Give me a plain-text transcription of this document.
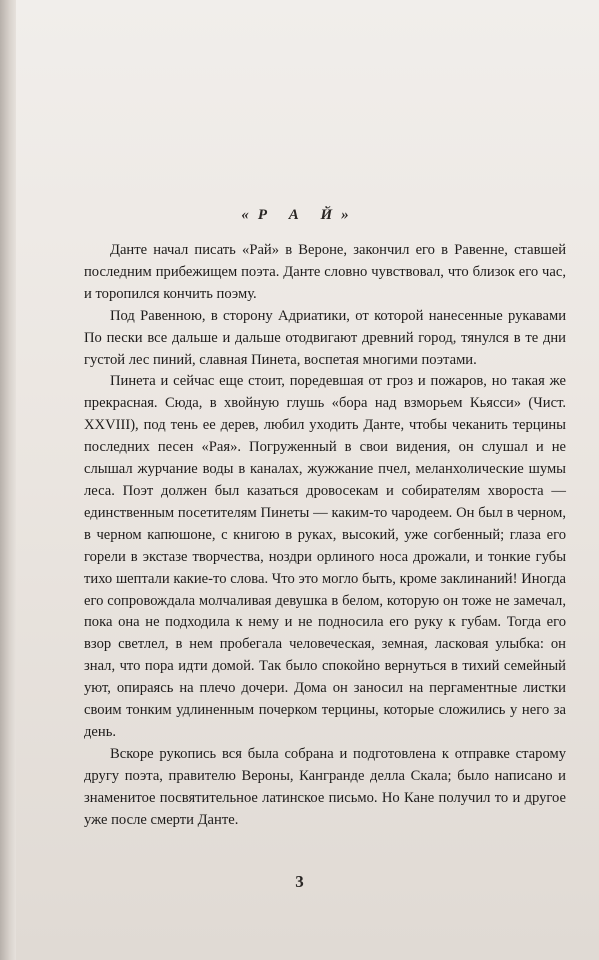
«Р А Й»

Данте начал писать «Рай» в Вероне, закончил его в Равенне, ставшей последним прибежищем поэта. Данте словно чувствовал, что близок его час, и торопился кончить поэму.

Под Равенною, в сторону Адриатики, от которой нанесенные рукавами По пески все дальше и дальше отодвигают древний город, тянулся в те дни густой лес пиний, славная Пинета, воспетая многими поэтами.

Пинета и сейчас еще стоит, поредевшая от гроз и пожаров, но такая же прекрасная. Сюда, в хвойную глушь «бора над взморьем Кьясси» (Чист. XXVIII), под тень ее дерев, любил уходить Данте, чтобы чеканить терцины последних песен «Рая». Погруженный в свои видения, он слушал и не слышал журчание воды в каналах, жужжание пчел, меланхолические шумы леса. Поэт должен был казаться дровосекам и собирателям хвороста — единственным посетителям Пинеты — каким-то чародеем. Он был в черном, в черном капюшоне, с книгою в руках, высокий, уже согбенный; глаза его горели в экстазе творчества, ноздри орлиного носа дрожали, и тонкие губы тихо шептали какие-то слова. Что это могло быть, кроме заклинаний! Иногда его сопровождала молчаливая девушка в белом, которую он тоже не замечал, пока она не подходила к нему и не подносила его руку к губам. Тогда его взор светлел, в нем пробегала человеческая, земная, ласковая улыбка: он знал, что пора идти домой. Так было спокойно вернуться в тихий семейный уют, опираясь на плечо дочери. Дома он заносил на пергаментные листки своим тонким удлиненным почерком терцины, которые сложились у него за день.

Вскоре рукопись вся была собрана и подготовлена к отправке старому другу поэта, правителю Вероны, Кангранде делла Скала; было написано и знаменитое посвятительное латинское письмо. Но Кане получил то и другое уже после смерти Данте.

3
